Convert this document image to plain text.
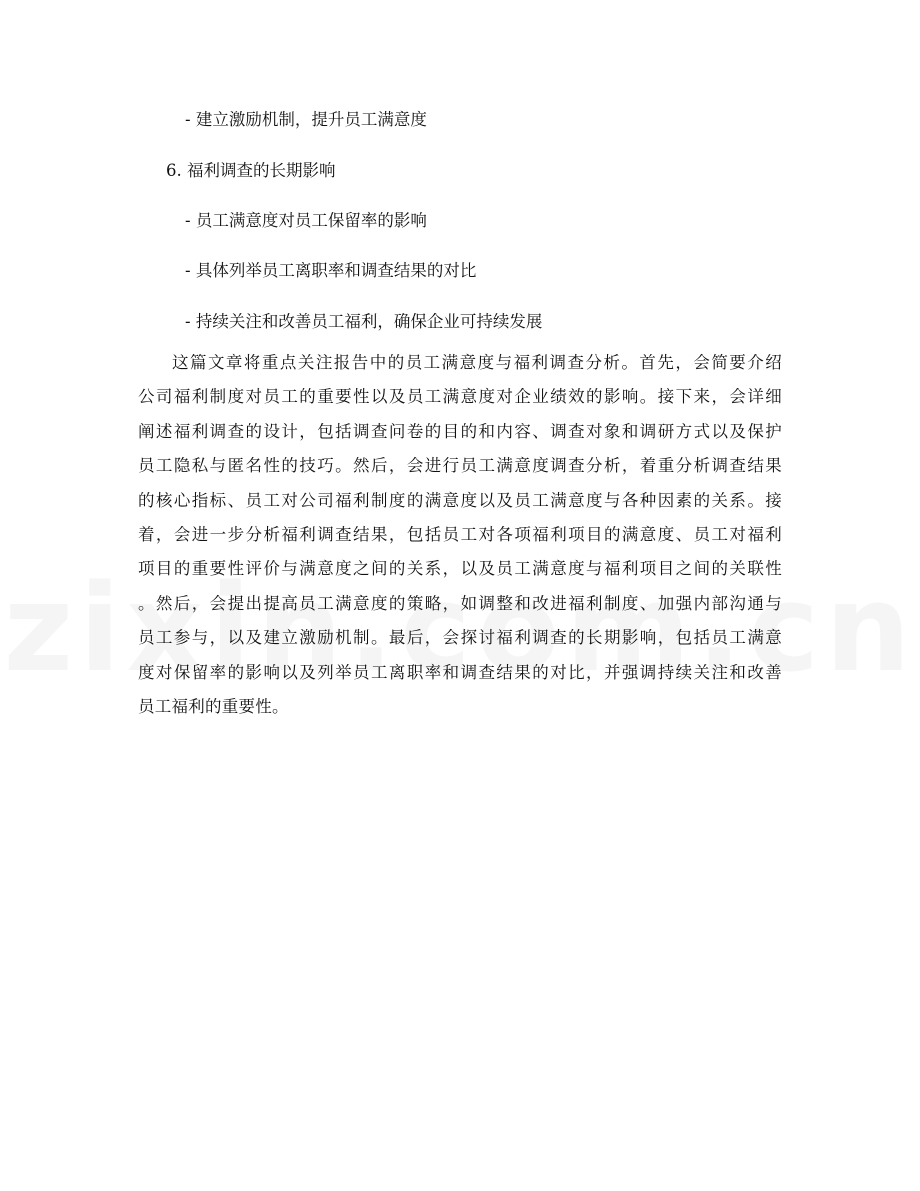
- 建立激励机制，提升员工满意度
6. 福利调查的长期影响
- 员工满意度对员工保留率的影响
- 具体列举员工离职率和调查结果的对比
- 持续关注和改善员工福利，确保企业可持续发展
这篇文章将重点关注报告中的员工满意度与福利调查分析。首先，会简要介绍
公司福利制度对员工的重要性以及员工满意度对企业绩效的影响。接下来，会详细
阐述福利调查的设计，包括调查问卷的目的和内容、调查对象和调研方式以及保护
员工隐私与匿名性的技巧。然后，会进行员工满意度调查分析，着重分析调查结果
的核心指标、员工对公司福利制度的满意度以及员工满意度与各种因素的关系。接
着，会进一步分析福利调查结果，包括员工对各项福利项目的满意度、员工对福利
项目的重要性评价与满意度之间的关系，以及员工满意度与福利项目之间的关联性
。然后，会提出提高员工满意度的策略，如调整和改进福利制度、加强内部沟通与
员工参与，以及建立激励机制。最后，会探讨福利调查的长期影响，包括员工满意
度对保留率的影响以及列举员工离职率和调查结果的对比，并强调持续关注和改善
员工福利的重要性。
